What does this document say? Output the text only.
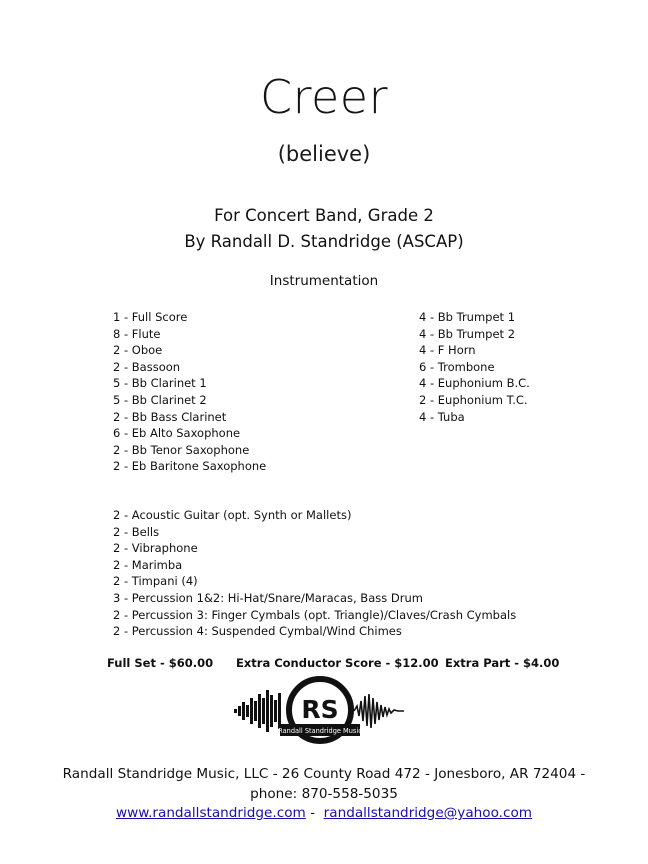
Creer
(believe)
For Concert Band, Grade 2
By Randall D. Standridge (ASCAP)
Instrumentation
1 - Full Score
8 - Flute
2 - Oboe
2 - Bassoon
5 - Bb Clarinet 1
5 - Bb Clarinet 2
2 - Bb Bass Clarinet
6 - Eb Alto Saxophone
2 - Bb Tenor Saxophone
2 - Eb Baritone Saxophone
4 - Bb Trumpet 1
4 - Bb Trumpet 2
4 - F Horn
6 - Trombone
4 - Euphonium B.C.
2 - Euphonium T.C.
4 - Tuba
2 - Acoustic Guitar (opt. Synth or Mallets)
2 - Bells
2 - Vibraphone
2 - Marimba
2 - Timpani (4)
3 - Percussion 1&2: Hi-Hat/Snare/Maracas, Bass Drum
2 - Percussion 3: Finger Cymbals (opt. Triangle)/Claves/Crash Cymbals
2 - Percussion 4: Suspended Cymbal/Wind Chimes
Full Set - $60.00 Extra Conductor Score - $12.00 Extra Part - $4.00
RS
Randall Standridge Music
Randall Standridge Music, LLC - 26 County Road 472 - Jonesboro, AR 72404 -
phone: 870-558-5035
www.randallstandridge.com -  randallstandridge@yahoo.com
